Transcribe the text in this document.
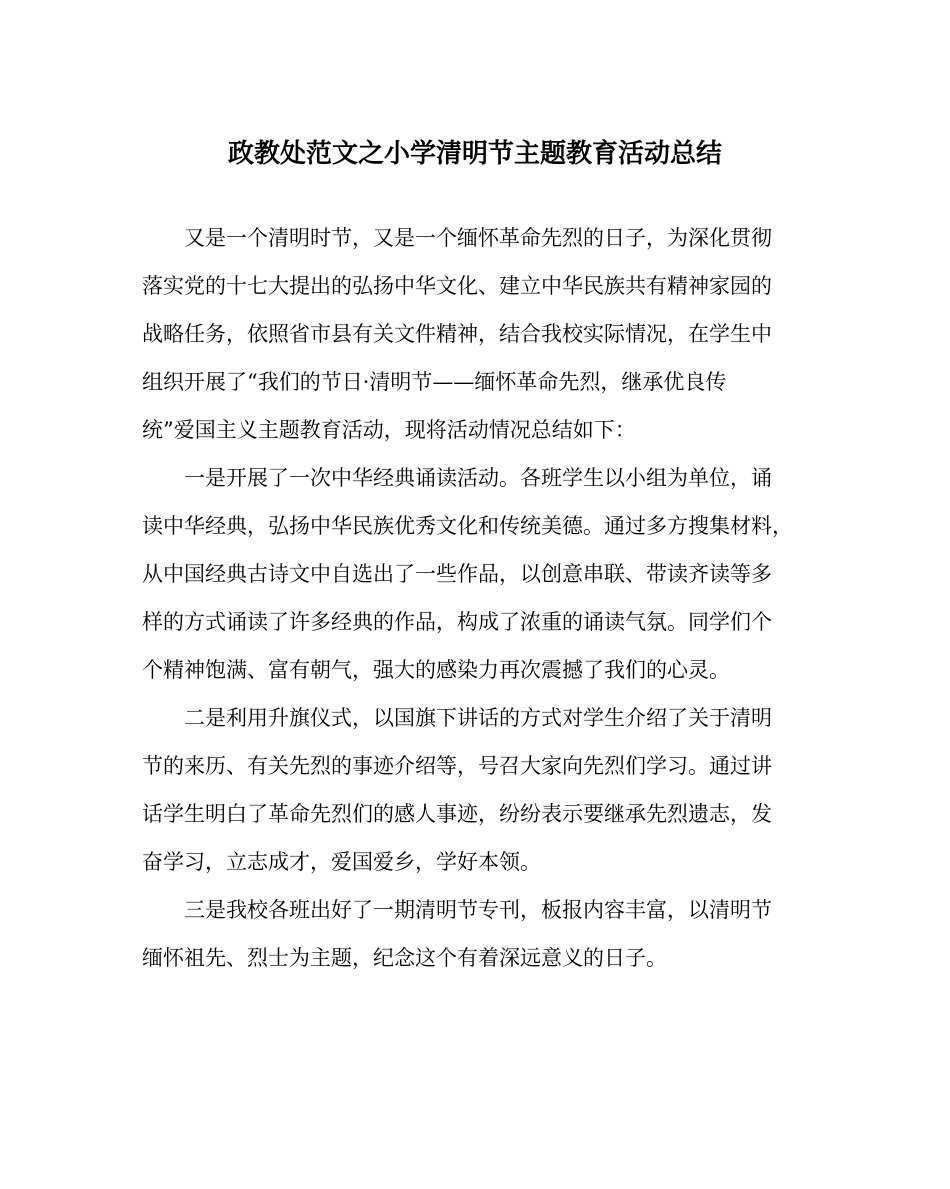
政教处范文之小学清明节主题教育活动总结
又是一个清明时节，又是一个缅怀革命先烈的日子，为深化贯彻
落实党的十七大提出的弘扬中华文化、建立中华民族共有精神家园的
战略任务，依照省市县有关文件精神，结合我校实际情况，在学生中
组织开展了“我们的节日·清明节——缅怀革命先烈，继承优良传
统”爱国主义主题教育活动，现将活动情况总结如下：
一是开展了一次中华经典诵读活动。各班学生以小组为单位，诵
读中华经典，弘扬中华民族优秀文化和传统美德。通过多方搜集材料，
从中国经典古诗文中自选出了一些作品，以创意串联、带读齐读等多
样的方式诵读了许多经典的作品，构成了浓重的诵读气氛。同学们个
个精神饱满、富有朝气，强大的感染力再次震撼了我们的心灵。
二是利用升旗仪式，以国旗下讲话的方式对学生介绍了关于清明
节的来历、有关先烈的事迹介绍等，号召大家向先烈们学习。通过讲
话学生明白了革命先烈们的感人事迹，纷纷表示要继承先烈遗志，发
奋学习，立志成才，爱国爱乡，学好本领。
三是我校各班出好了一期清明节专刊，板报内容丰富，以清明节
缅怀祖先、烈士为主题，纪念这个有着深远意义的日子。
